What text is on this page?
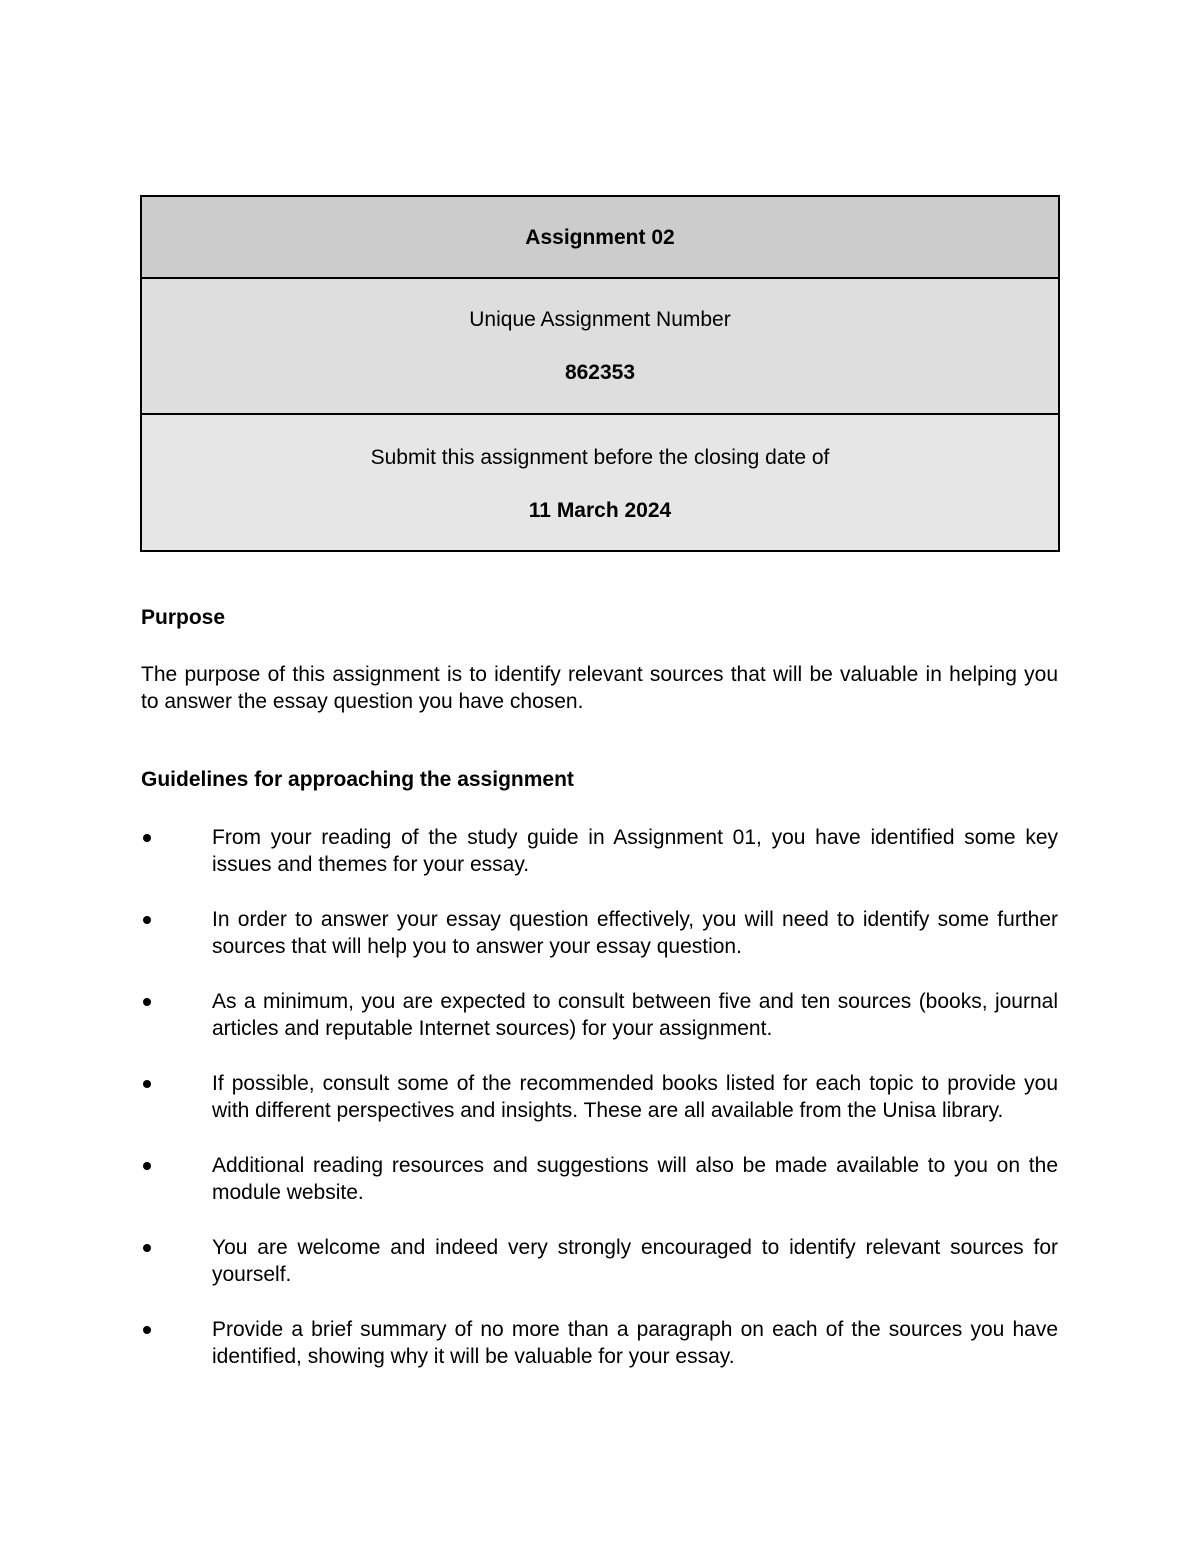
Assignment 02
Unique Assignment Number
862353
Submit this assignment before the closing date of
11 March 2024
Purpose
The purpose of this assignment is to identify relevant sources that will be valuable in helping you to answer the essay question you have chosen.
Guidelines for approaching the assignment
From your reading of the study guide in Assignment 01, you have identified some key issues and themes for your essay.
In order to answer your essay question effectively, you will need to identify some further sources that will help you to answer your essay question.
As a minimum, you are expected to consult between five and ten sources (books, journal articles and reputable Internet sources) for your assignment.
If possible, consult some of the recommended books listed for each topic to provide you with different perspectives and insights. These are all available from the Unisa library.
Additional reading resources and suggestions will also be made available to you on the module website.
You are welcome and indeed very strongly encouraged to identify relevant sources for yourself.
Provide a brief summary of no more than a paragraph on each of the sources you have identified, showing why it will be valuable for your essay.
